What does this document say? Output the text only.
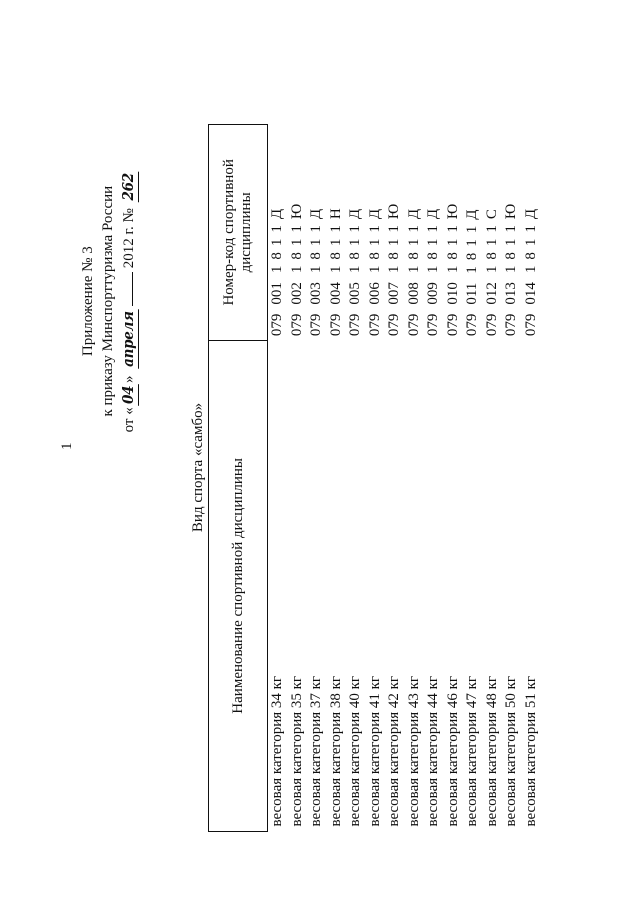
1
Приложение № 3 к приказу Минспорттуризма России
от «04» апреля 2012 г. № 262
Вид спорта «самбо» Наименование спортивной дисциплины	Номер-код спортивной
дисциплины
весовая категория 34 кг	0790011811Д
весовая категория 35 кг	0790021811Ю
весовая категория 37 кг	0790031811Д
весовая категория 38 кг	0790041811Н
весовая категория 40 кг	0790051811Д
весовая категория 41 кг	0790061811Д
весовая категория 42 кг	0790071811Ю
весовая категория 43 кг	0790081811Д
весовая категория 44 кг	0790091811Д
весовая категория 46 кг	0790101811Ю
весовая категория 47 кг	0790111811Д
весовая категория 48 кг	0790121811С
весовая категория 50 кг	0790131811Ю
весовая категория 51 кг	0790141811Д
